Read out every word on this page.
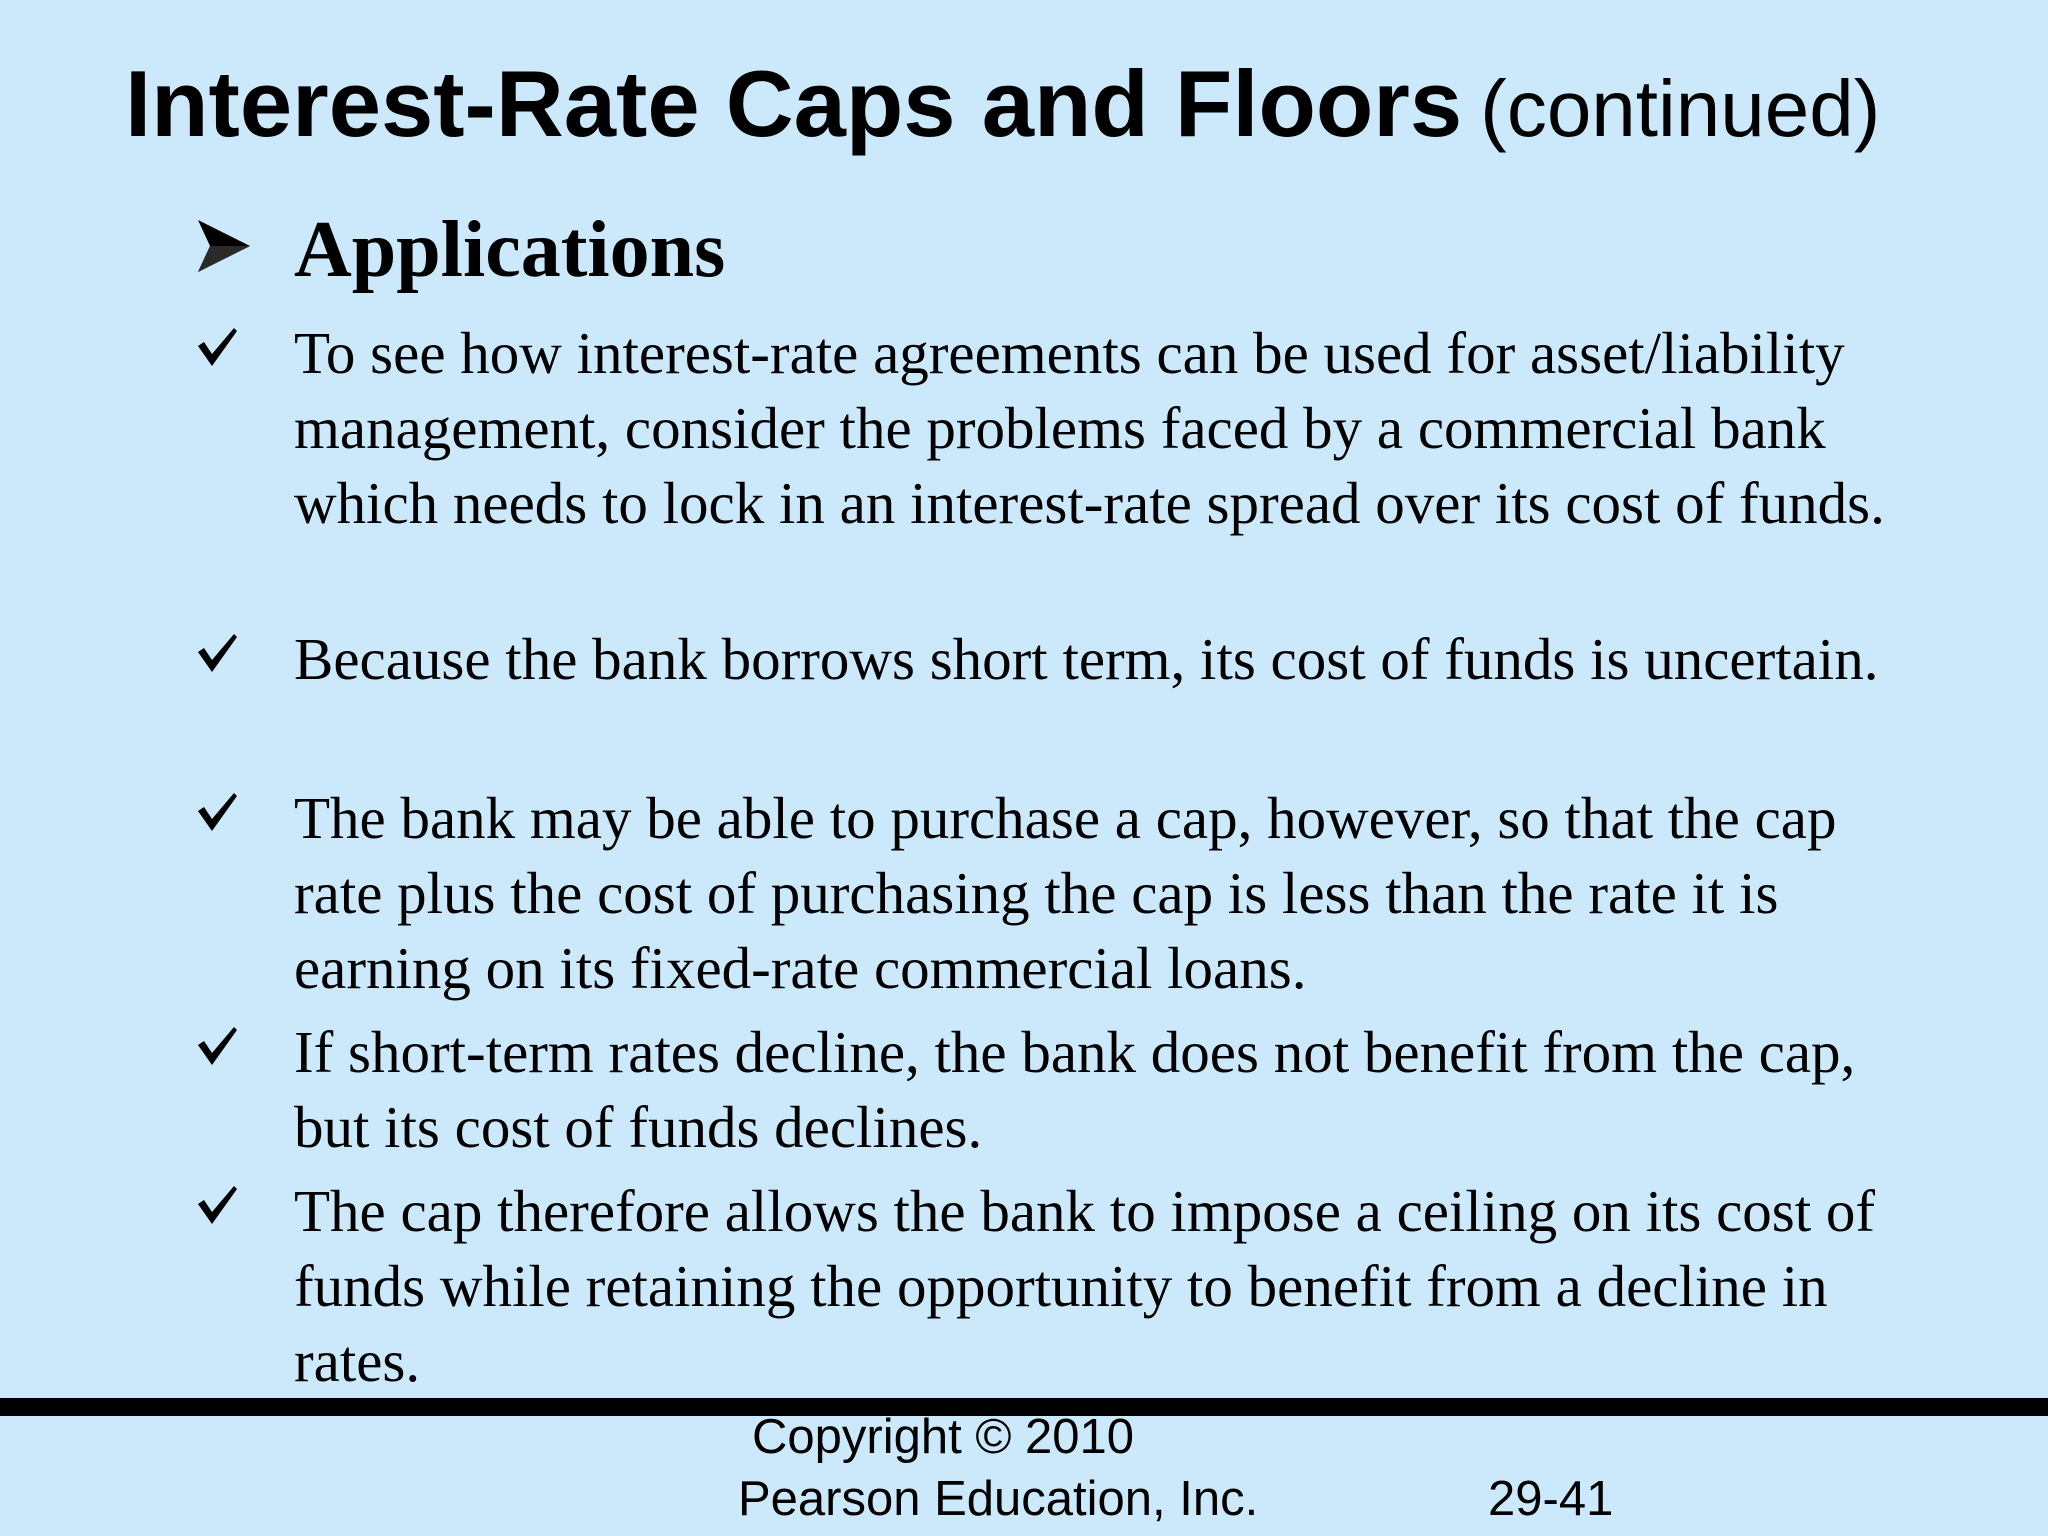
Interest-Rate Caps and Floors (continued)
Applications
To see how interest-rate agreements can be used for asset/liability management, consider the problems faced by a commercial bank which needs to lock in an interest-rate spread over its cost of funds.
Because the bank borrows short term, its cost of funds is uncertain.
The bank may be able to purchase a cap, however, so that the cap rate plus the cost of purchasing the cap is less than the rate it is earning on its fixed-rate commercial loans.
If short-term rates decline, the bank does not benefit from the cap, but its cost of funds declines.
The cap therefore allows the bank to impose a ceiling on its cost of funds while retaining the opportunity to benefit from a decline in rates.
Copyright © 2010
Pearson Education, Inc.	29-41
